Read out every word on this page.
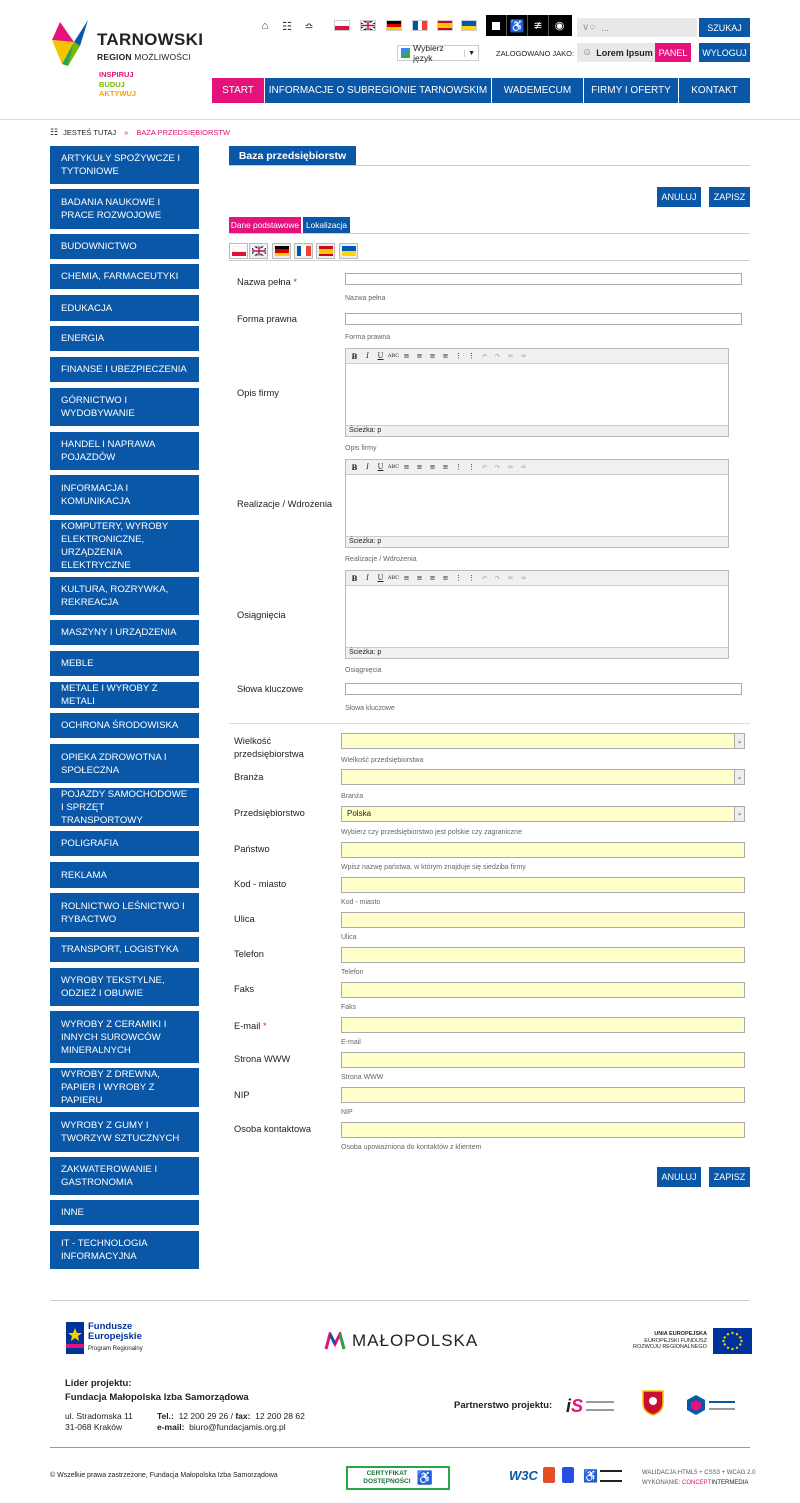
TARNOWSKI
REGION MOŻLIWOŚCI
INSPIRUJ
BUDUJ
AKTYWUJ
⌂	☷ ≏	♿ ≇	◉	∨○
...	SZUKAJ
Wybierz język	▼	ZALOGOWANO JAKO: ☺ Lorem Ipsum PANEL	WYLOGUJ
START	INFORMACJE O SUBREGIONIE TARNOWSKIM	WADEMECUM	FIRMY I OFERTY	KONTAKT
☷ JESTEŚ TUTAJ » BAZA PRZEDSIĘBIORSTW
ARTYKUŁY SPOŻYWCZE I TYTONIOWE
BADANIA NAUKOWE I PRACE ROZWOJOWE
BUDOWNICTWO
CHEMIA, FARMACEUTYKI
EDUKACJA
ENERGIA
FINANSE I UBEZPIECZENIA
GÓRNICTWO I WYDOBYWANIE
HANDEL I NAPRAWA POJAZDÓW
INFORMACJA I KOMUNIKACJA
KOMPUTERY, WYROBY ELEKTRONICZNE, URZĄDZENIA ELEKTRYCZNE
KULTURA, ROZRYWKA, REKREACJA
MASZYNY I URZĄDZENIA
MEBLE
METALE I WYROBY Z METALI
OCHRONA ŚRODOWISKA
OPIEKA ZDROWOTNA I SPOŁECZNA
POJAZDY SAMOCHODOWE I SPRZĘT TRANSPORTOWY
POLIGRAFIA
REKLAMA
ROLNICTWO LEŚNICTWO I RYBACTWO
TRANSPORT, LOGISTYKA
WYROBY TEKSTYLNE, ODZIEŻ I OBUWIE
WYROBY Z CERAMIKI I INNYCH SUROWCÓW MINERALNYCH
WYROBY Z DREWNA, PAPIER I WYROBY Z PAPIERU
WYROBY Z GUMY I TWORZYW SZTUCZNYCH
ZAKWATEROWANIE I GASTRONOMIA
INNE
IT - TECHNOLOGIA INFORMACYJNA
Baza przedsiębiorstw
ANULUJ	ZAPISZ
Dane podstawowe Lokalizacja
Nazwa pełna *
Nazwa pełna
Forma prawna
Forma prawna
Opis firmy
B I U ABC ≡	≡	≡	≡ ⋮ ⋮ ↶	↷	∞	∞
Ścieżka: p
Opis firmy
Realizacje / Wdrożenia
B I U ABC ≡	≡	≡	≡ ⋮ ⋮ ↶	↷	∞	∞
Ścieżka: p
Realizacje / Wdrożenia
Osiągnięcia
B I U ABC ≡	≡	≡	≡ ⋮ ⋮ ↶	↷	∞	∞
Ścieżka: p
Osiągnięcia
Słowa kluczowe
Słowa kluczowe
Wielkość przedsiębiorstwa
⌄
Wielkość przedsiębiorstwa
Branża	⌄
Branża
Przedsiębiorstwo	Polska	⌄
Wybierz czy przedsiębiorstwo jest polskie czy zagraniczne
Państwo
Wpisz nazwę państwa, w którym znajduje się siedziba firmy
Kod - miasto
Kod - miasto
Ulica
Ulica
Telefon
Telefon
Faks
Faks
E-mail *
E-mail
Strona WWW
Strona WWW
NIP
NIP
Osoba kontaktowa
Osoba upoważniona do kontaktów z klientem
ANULUJ	ZAPISZ
Fundusze
Europejskie
Program Regionalny	MAŁOPOLSKA	UNIA EUROPEJSKA
EUROPEJSKI FUNDUSZ
ROZWOJU REGIONALNEGO
Lider projektu:
Fundacja Małopolska Izba Samorządowa
ul. Stradomska 11
31-068 Kraków
Tel.: 12 200 29 26 / fax: 12 200 28 62
e-mail: biuro@fundacjamis.org.pl
Partnerstwo projektu: iS
© Wszelkie prawa zastrzeżone, Fundacja Małopolska Izba Samorządowa	CERTYFIKAT
DOSTĘPNOŚCI ♿	W3C	♿	WALIDACJA:HTML5 + CSS3 + WCAG 2.0
WYKONANIE: CONCEPTINTERMEDIA
